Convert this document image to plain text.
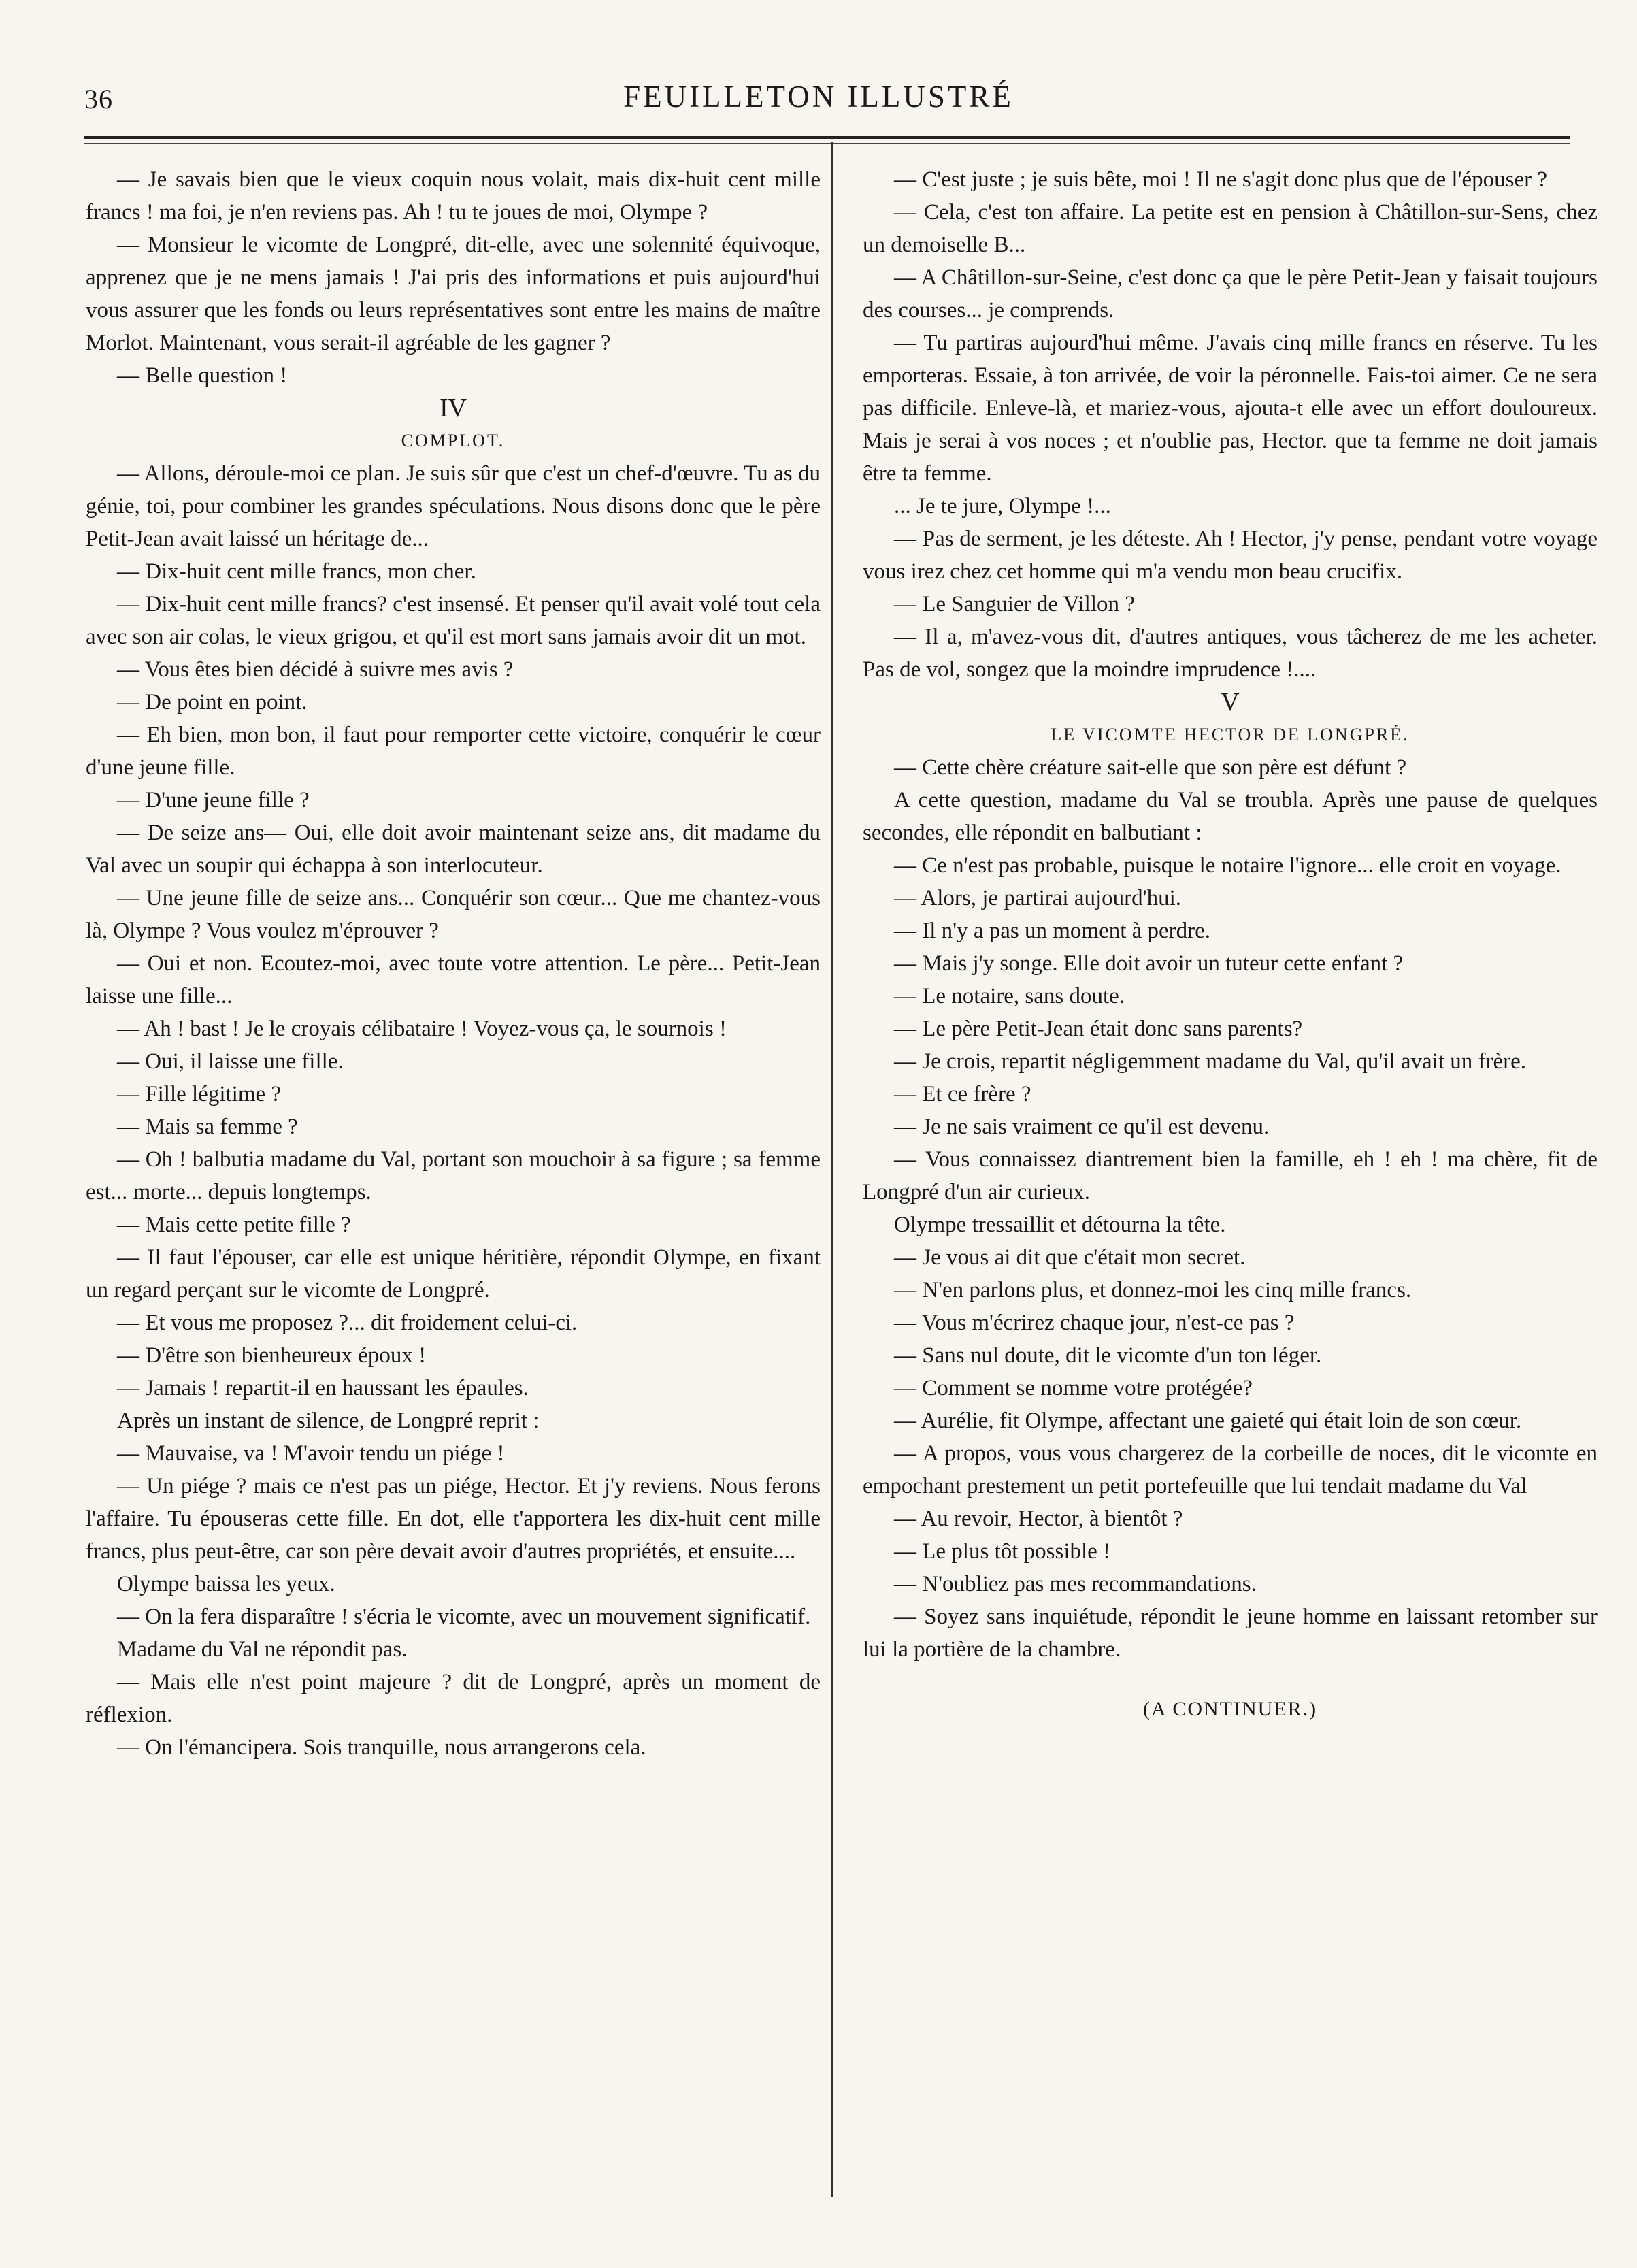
36	FEUILLETON ILLUSTRÉ

— Je savais bien que le vieux coquin nous volait, mais dix-huit cent mille francs ! ma foi, je n'en reviens pas. Ah ! tu te joues de moi, Olympe ?

— Monsieur le vicomte de Longpré, dit-elle, avec une solennité équivoque, apprenez que je ne mens jamais ! J'ai pris des informations et puis aujourd'hui vous assurer que les fonds ou leurs représentatives sont entre les mains de maître Morlot. Maintenant, vous serait-il agréable de les gagner ?

— Belle question !

IV

COMPLOT.

— Allons, déroule-moi ce plan. Je suis sûr que c'est un chef-d'œuvre. Tu as du génie, toi, pour combiner les grandes spéculations. Nous disons donc que le père Petit-Jean avait laissé un héritage de...

— Dix-huit cent mille francs, mon cher.

— Dix-huit cent mille francs? c'est insensé. Et penser qu'il avait volé tout cela avec son air colas, le vieux grigou, et qu'il est mort sans jamais avoir dit un mot.

— Vous êtes bien décidé à suivre mes avis ?

— De point en point.

— Eh bien, mon bon, il faut pour remporter cette victoire, conquérir le cœur d'une jeune fille.

— D'une jeune fille ?

— De seize ans— Oui, elle doit avoir maintenant seize ans, dit madame du Val avec un soupir qui échappa à son interlocuteur.

— Une jeune fille de seize ans... Conquérir son cœur... Que me chantez-vous là, Olympe ? Vous voulez m'éprouver ?

— Oui et non. Ecoutez-moi, avec toute votre attention. Le père... Petit-Jean laisse une fille...

— Ah ! bast ! Je le croyais célibataire ! Voyez-vous ça, le sournois !

— Oui, il laisse une fille.

— Fille légitime ?

— Mais sa femme ?

— Oh ! balbutia madame du Val, portant son mouchoir à sa figure ; sa femme est... morte... depuis longtemps.

— Mais cette petite fille ?

— Il faut l'épouser, car elle est unique héritière, répondit Olympe, en fixant un regard perçant sur le vicomte de Longpré.

— Et vous me proposez ?... dit froidement celui-ci.

— D'être son bienheureux époux !

— Jamais ! repartit-il en haussant les épaules.

Après un instant de silence, de Longpré reprit :

— Mauvaise, va ! M'avoir tendu un piége !

— Un piége ? mais ce n'est pas un piége, Hector. Et j'y reviens. Nous ferons l'affaire. Tu épouseras cette fille. En dot, elle t'apportera les dix-huit cent mille francs, plus peut-être, car son père devait avoir d'autres propriétés, et ensuite....

Olympe baissa les yeux.

— On la fera disparaître ! s'écria le vicomte, avec un mouvement significatif.

Madame du Val ne répondit pas.

— Mais elle n'est point majeure ? dit de Longpré, après un moment de réflexion.

— On l'émancipera. Sois tranquille, nous arrangerons cela.

— C'est juste ; je suis bête, moi ! Il ne s'agit donc plus que de l'épouser ?

— Cela, c'est ton affaire. La petite est en pension à Châtillon-sur-Sens, chez un demoiselle B...

— A Châtillon-sur-Seine, c'est donc ça que le père Petit-Jean y faisait toujours des courses... je comprends.

— Tu partiras aujourd'hui même. J'avais cinq mille francs en réserve. Tu les emporteras. Essaie, à ton arrivée, de voir la péronnelle. Fais-toi aimer. Ce ne sera pas difficile. Enleve-là, et mariez-vous, ajouta-t elle avec un effort douloureux. Mais je serai à vos noces ; et n'oublie pas, Hector. que ta femme ne doit jamais être ta femme.

... Je te jure, Olympe !...

— Pas de serment, je les déteste. Ah ! Hector, j'y pense, pendant votre voyage vous irez chez cet homme qui m'a vendu mon beau crucifix.

— Le Sanguier de Villon ?

— Il a, m'avez-vous dit, d'autres antiques, vous tâcherez de me les acheter. Pas de vol, songez que la moindre imprudence !....

V

LE VICOMTE HECTOR DE LONGPRÉ.

— Cette chère créature sait-elle que son père est défunt ?

A cette question, madame du Val se troubla. Après une pause de quelques secondes, elle répondit en balbutiant :

— Ce n'est pas probable, puisque le notaire l'ignore... elle croit en voyage.

— Alors, je partirai aujourd'hui.

— Il n'y a pas un moment à perdre.

— Mais j'y songe. Elle doit avoir un tuteur cette enfant ?

— Le notaire, sans doute.

— Le père Petit-Jean était donc sans parents?

— Je crois, repartit négligemment madame du Val, qu'il avait un frère.

— Et ce frère ?

— Je ne sais vraiment ce qu'il est devenu.

— Vous connaissez diantrement bien la famille, eh ! eh ! ma chère, fit de Longpré d'un air curieux.

Olympe tressaillit et détourna la tête.

— Je vous ai dit que c'était mon secret.

— N'en parlons plus, et donnez-moi les cinq mille francs.

— Vous m'écrirez chaque jour, n'est-ce pas ?

— Sans nul doute, dit le vicomte d'un ton léger.

— Comment se nomme votre protégée?

— Aurélie, fit Olympe, affectant une gaieté qui était loin de son cœur.

— A propos, vous vous chargerez de la corbeille de noces, dit le vicomte en empochant prestement un petit portefeuille que lui tendait madame du Val

— Au revoir, Hector, à bientôt ?

— Le plus tôt possible !

— N'oubliez pas mes recommandations.

— Soyez sans inquiétude, répondit le jeune homme en laissant retomber sur lui la portière de la chambre.

(A CONTINUER.)
